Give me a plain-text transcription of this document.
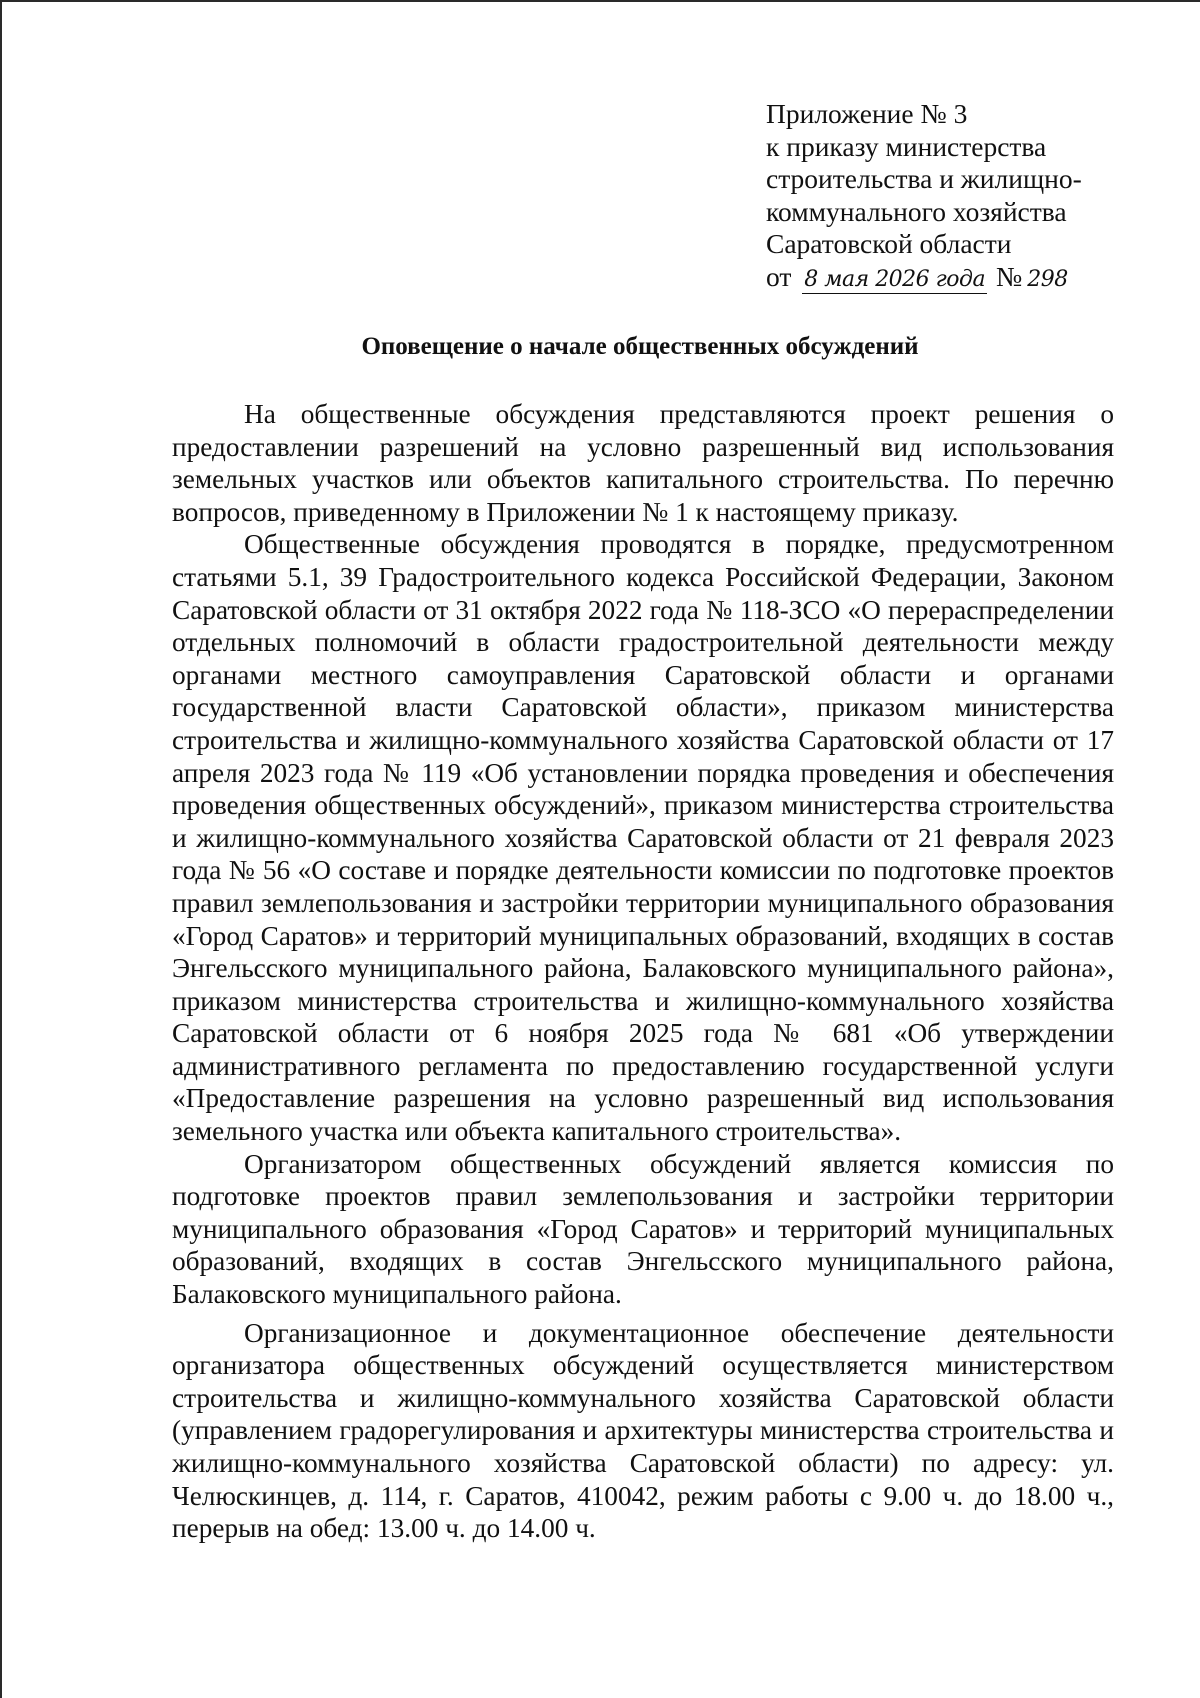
Приложение № 3
к приказу министерства
строительства и жилищно-
коммунального хозяйства
Саратовской области
от 8 мая 2026 года № 298
Оповещение о начале общественных обсуждений

На общественные обсуждения представляются проект решения о предоставлении разрешений на условно разрешенный вид использования земельных участков или объектов капитального строительства. По перечню вопросов, приведенному в Приложении № 1 к настоящему приказу.

Общественные обсуждения проводятся в порядке, предусмотренном статьями 5.1, 39 Градостроительного кодекса Российской Федерации, Законом Саратовской области от 31 октября 2022 года № 118-ЗСО «О перераспределении отдельных полномочий в области градостроительной деятельности между органами местного самоуправления Саратовской области и органами государственной власти Саратовской области», приказом министерства строительства и жилищно-коммунального хозяйства Саратовской области от 17 апреля 2023 года № 119 «Об установлении порядка проведения и обеспечения проведения общественных обсуждений», приказом министерства строительства и жилищно-коммунального хозяйства Саратовской области от 21 февраля 2023 года № 56 «О составе и порядке деятельности комиссии по подготовке проектов правил землепользования и застройки территории муниципального образования «Город Саратов» и территорий муниципальных образований, входящих в состав Энгельсского муниципального района, Балаковского муниципального района», приказом министерства строительства и жилищно-коммунального хозяйства Саратовской области от 6 ноября 2025 года № 681 «Об утверждении административного регламента по предоставлению государственной услуги «Предоставление разрешения на условно разрешенный вид использования земельного участка или объекта капитального строительства».

Организатором общественных обсуждений является комиссия по подготовке проектов правил землепользования и застройки территории муниципального образования «Город Саратов» и территорий муниципальных образований, входящих в состав Энгельсского муниципального района, Балаковского муниципального района.

Организационное и документационное обеспечение деятельности организатора общественных обсуждений осуществляется министерством строительства и жилищно-коммунального хозяйства Саратовской области (управлением градорегулирования и архитектуры министерства строительства и жилищно-коммунального хозяйства Саратовской области) по адресу: ул. Челюскинцев, д. 114, г. Саратов, 410042, режим работы с 9.00 ч. до 18.00 ч., перерыв на обед: 13.00 ч. до 14.00 ч.
